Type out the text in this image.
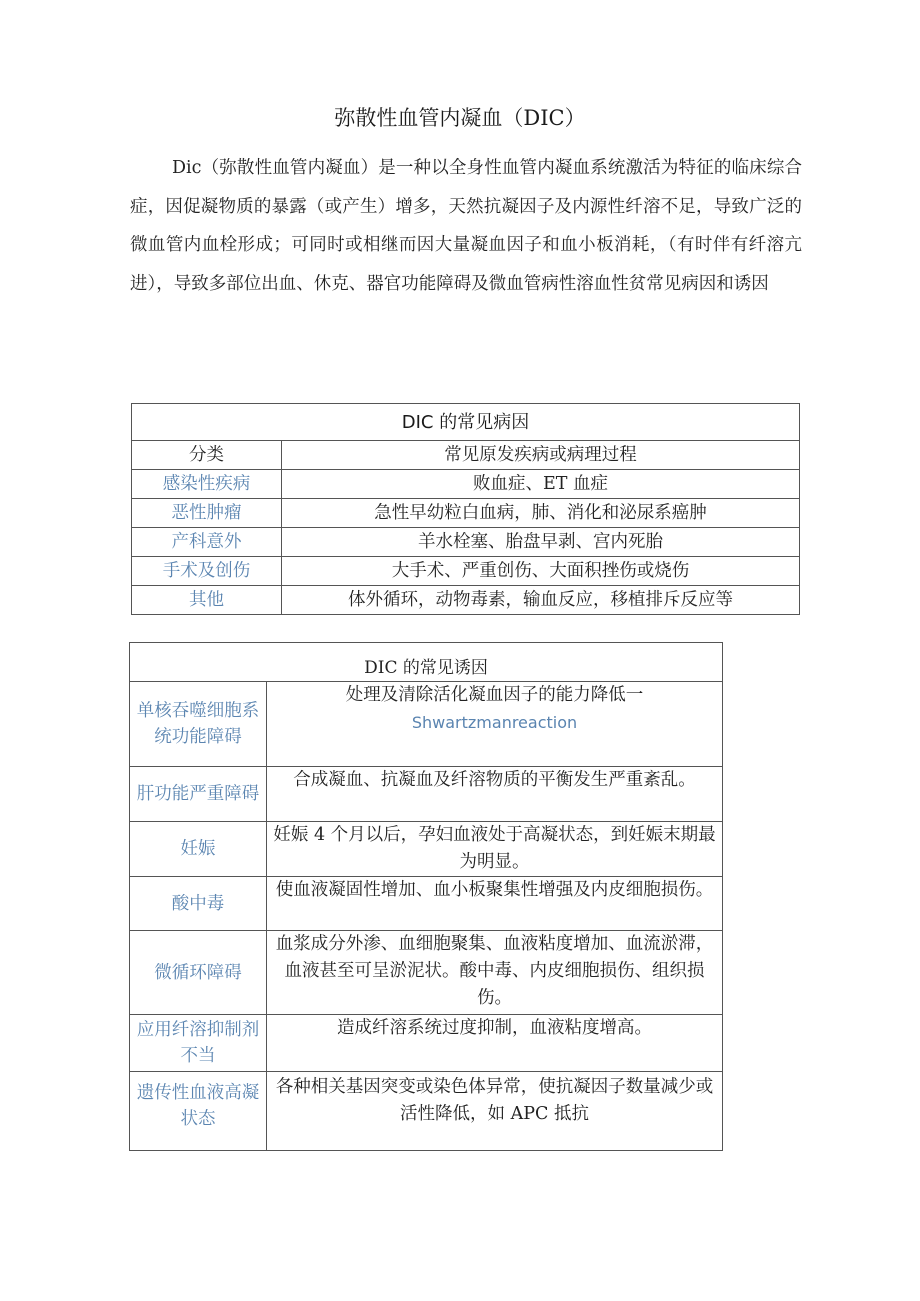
弥散性血管内凝血（DIC）

Dic（弥散性血管内凝血）是一种以全身性血管内凝血系统激活为特征的临床综合症，因促凝物质的暴露（或产生）增多，天然抗凝因子及内源性纤溶不足，导致广泛的微血管内血栓形成；可同时或相继而因大量凝血因子和血小板消耗，（有时伴有纤溶亢进），导致多部位出血、休克、器官功能障碍及微血管病性溶血性贫常见病因和诱因

DIC 的常见病因	
分类	常见原发疾病或病理过程
感染性疾病	败血症、ET 血症
恶性肿瘤	急性早幼粒白血病，肺、消化和泌尿系癌肿
产科意外	羊水栓塞、胎盘早剥、宫内死胎
手术及创伤	大手术、严重创伤、大面积挫伤或烧伤
其他	体外循环，动物毒素，输血反应，移植排斥反应等
DIC 的常见诱因	
单核吞噬细胞系统功能障碍	处理及清除活化凝血因子的能力降低一
Shwartzmanreaction

肝功能严重障碍	合成凝血、抗凝血及纤溶物质的平衡发生严重紊乱。
妊娠	妊娠 4 个月以后，孕妇血液处于高凝状态，到妊娠末期最为明显。
酸中毒	使血液凝固性增加、血小板聚集性增强及内皮细胞损伤。
微循环障碍	血浆成分外渗、血细胞聚集、血液粘度增加、血流淤滞，血液甚至可呈淤泥状。酸中毒、内皮细胞损伤、组织损伤。
应用纤溶抑制剂不当	造成纤溶系统过度抑制，血液粘度增高。
遗传性血液高凝状态	各种相关基因突变或染色体异常，使抗凝因子数量减少或活性降低，如 APC 抵抗
